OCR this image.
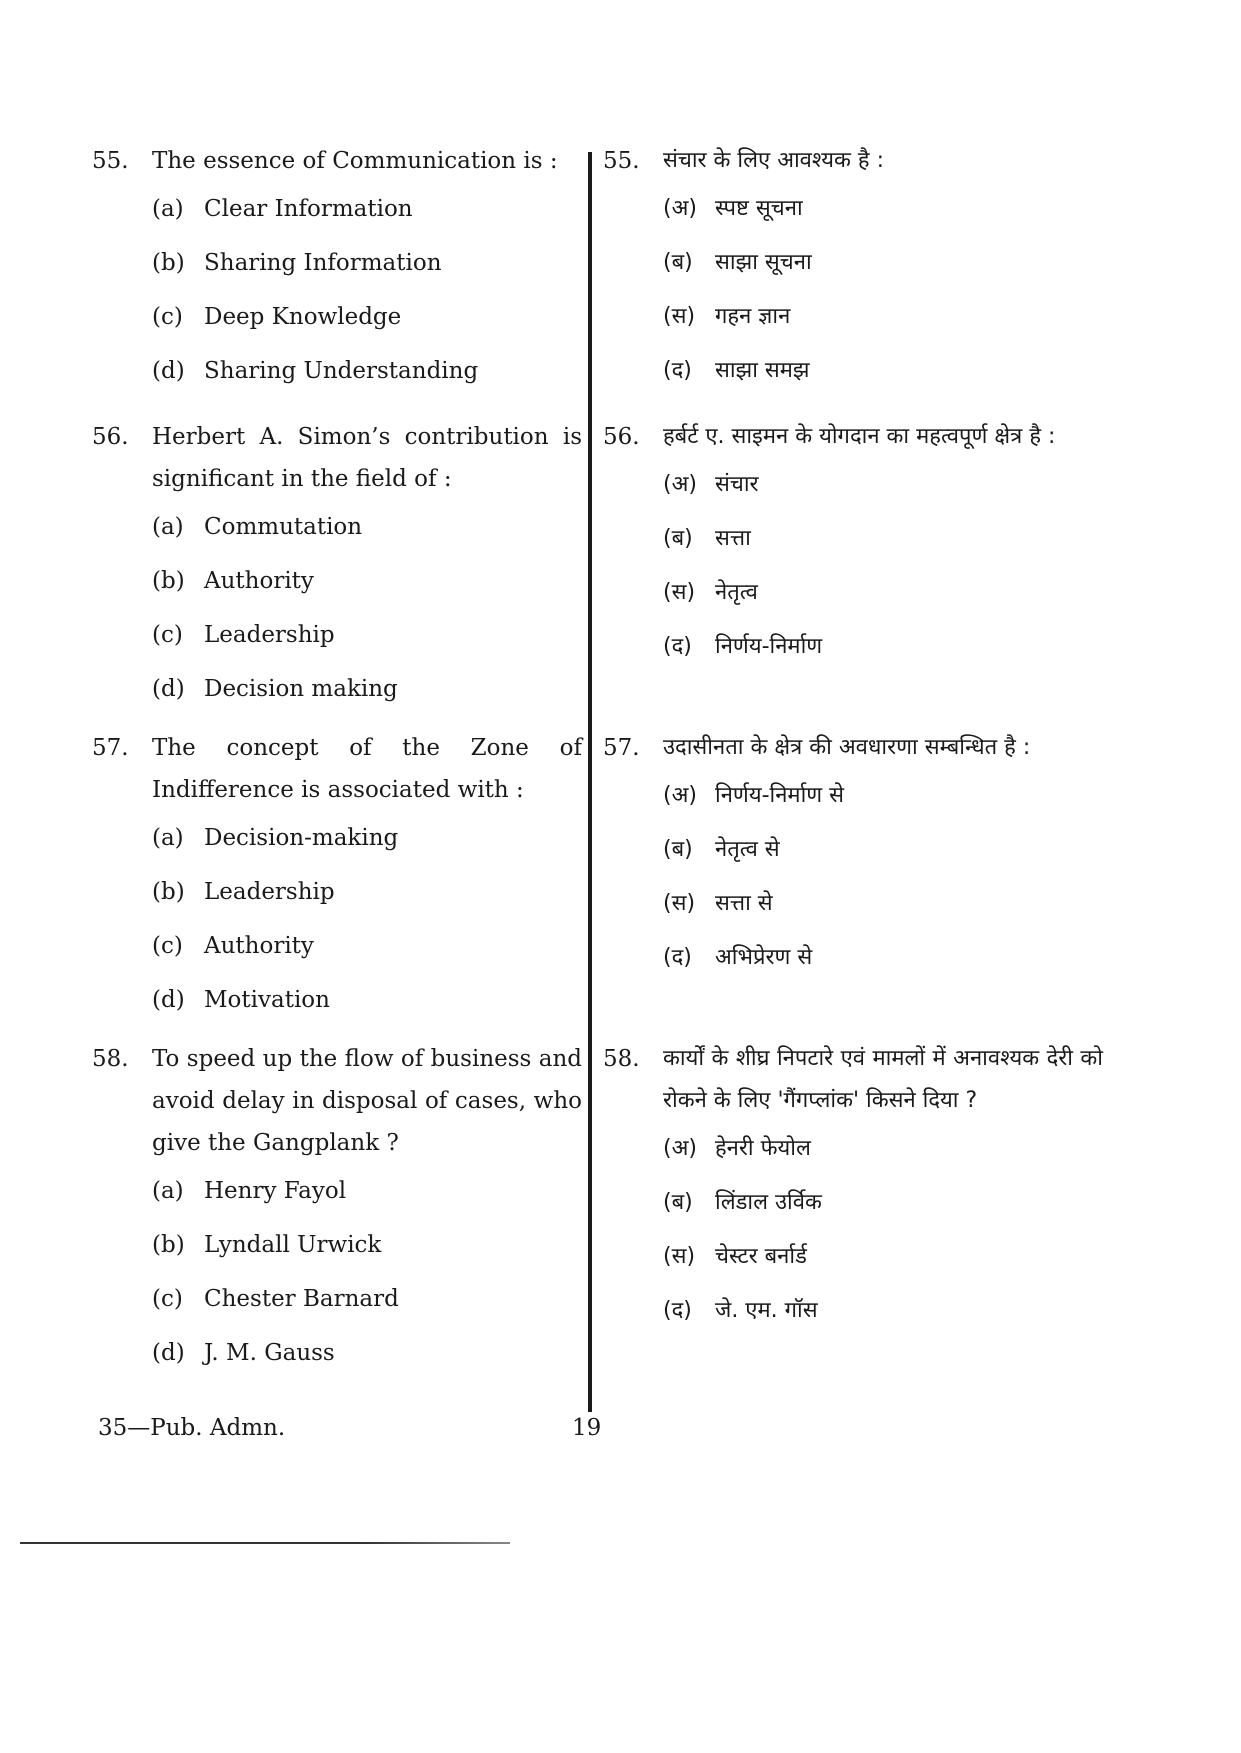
55.	The essence of Communication is :
(a) Clear Information
(b) Sharing Information
(c) Deep Knowledge
(d) Sharing Understanding
56.	Herbert A. Simon’s contribution is significant in the field of :
(a) Commutation
(b) Authority
(c) Leadership
(d) Decision making
57.	The concept of the Zone of Indifference is associated with :
(a) Decision-making
(b) Leadership
(c) Authority
(d) Motivation
58.	To speed up the flow of business and avoid delay in disposal of cases, who give the Gangplank ?
(a) Henry Fayol
(b) Lyndall Urwick
(c) Chester Barnard
(d) J. M. Gauss
55.	संचार के लिए आवश्यक है :
(अ) स्पष्ट सूचना
(ब)	साझा सूचना
(स) गहन ज्ञान
(द)	साझा समझ
56.	हर्बर्ट ए. साइमन के योगदान का महत्वपूर्ण क्षेत्र है :
(अ) संचार
(ब)	सत्ता
(स) नेतृत्व
(द)	निर्णय-निर्माण
57.	उदासीनता के क्षेत्र की अवधारणा सम्बन्धित है :
(अ) निर्णय-निर्माण से
(ब)	नेतृत्व से
(स) सत्ता से
(द)	अभिप्रेरण से
58.	कार्यों के शीघ्र निपटारे एवं मामलों में अनावश्यक देरी को रोकने के लिए 'गैंगप्लांक' किसने दिया ?
(अ) हेनरी फेयोल
(ब)	लिंडाल उर्विक
(स) चेस्टर बर्नार्ड
(द)	जे. एम. गॉस
35—Pub. Admn.	19
